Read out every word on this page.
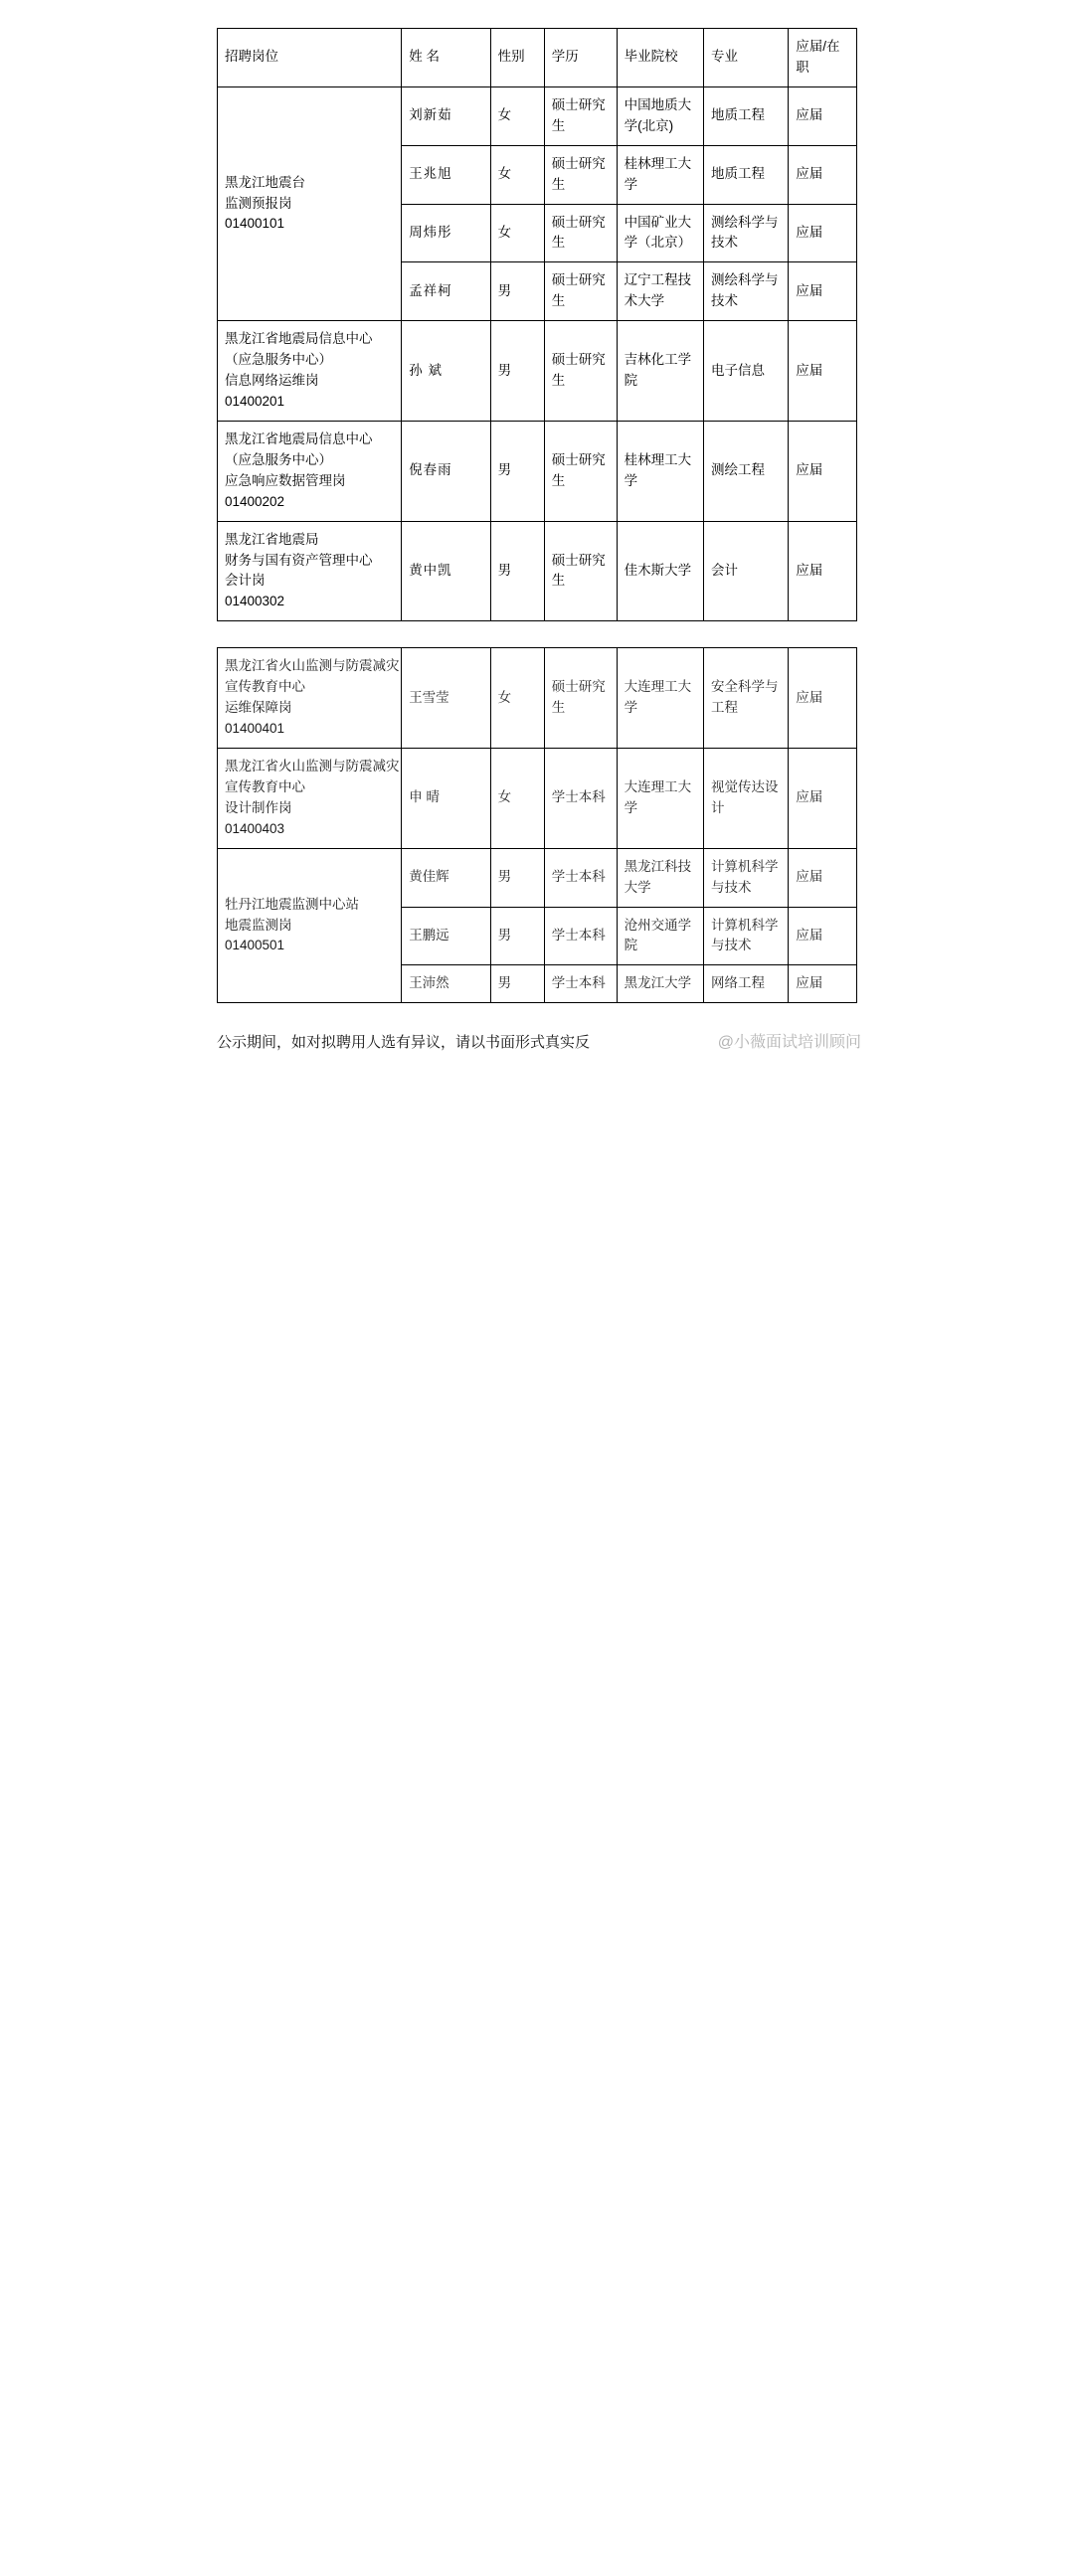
招聘岗位	姓 名	性别	学历	毕业院校	专业	应届/在职

黑龙江地震台
监测预报岗
01400101	刘新茹	女	硕士研究生	中国地质大学(北京)	地质工程	应届
	王兆旭	女	硕士研究生	桂林理工大学	地质工程	应届
	周炜彤	女	硕士研究生	中国矿业大学（北京）	测绘科学与技术	应届
	孟祥柯	男	硕士研究生	辽宁工程技术大学	测绘科学与技术	应届

黑龙江省地震局信息中心
（应急服务中心）
信息网络运维岗
01400201	孙 斌	男	硕士研究生	吉林化工学院	电子信息	应届

黑龙江省地震局信息中心
（应急服务中心）
应急响应数据管理岗
01400202	倪春雨	男	硕士研究生	桂林理工大学	测绘工程	应届

黑龙江省地震局
财务与国有资产管理中心
会计岗
01400302	黄中凯	男	硕士研究生	佳木斯大学	会计	应届
黑龙江省火山监测与防震减灾
宣传教育中心
运维保障岗
01400401	王雪莹	女	硕士研究生	大连理工大学	安全科学与工程	应届

黑龙江省火山监测与防震减灾
宣传教育中心
设计制作岗
01400403	申 晴	女	学士本科	大连理工大学	视觉传达设计	应届

牡丹江地震监测中心站
地震监测岗
01400501	黄佳辉	男	学士本科	黑龙江科技大学	计算机科学与技术	应届
	王鹏远	男	学士本科	沧州交通学院	计算机科学与技术	应届
	王沛然	男	学士本科	黑龙江大学	网络工程	应届
公示期间，如对拟聘用人选有异议，请以书面形式真实反	@小薇面试培训顾问
